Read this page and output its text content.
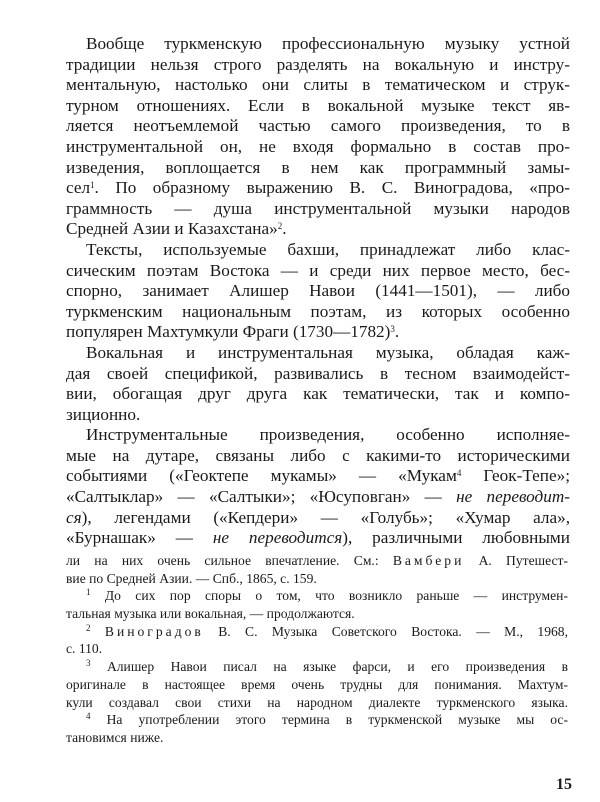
Вообще туркменскую профессиональную музыку устной
традиции нельзя строго разделять на вокальную и инстру-
ментальную, настолько они слиты в тематическом и струк-
турном отношениях. Если в вокальной музыке текст яв-
ляется неотъемлемой частью самого произведения, то в
инструментальной он, не входя формально в состав про-
изведения, воплощается в нем как программный замы-
сел$^1$. По образному выражению В. С. Виноградова, «про-
граммность — душа инструментальной музыки народов
Средней Азии и Казахстана»$^2$.
Тексты, используемые бахши, принадлежат либо клас-
сическим поэтам Востока — и среди них первое место, бес-
спорно, занимает Алишер Навои (1441—1501), — либо
туркменским национальным поэтам, из которых особенно
популярен Махтумкули Фраги (1730—1782)$^3$.
Вокальная и инструментальная музыка, обладая каж-
дая своей спецификой, развивались в тесном взаимодейст-
вии, обогащая друг друга как тематически, так и компо-
зиционно.
Инструментальные произведения, особенно исполняе-
мые на дутаре, связаны либо с какими-то историческими
событиями («Геоктепе мукамы» — «Мукам$^4$ Геок-Тепе»;
«Салтыклар» — «Салтыки»; «Юсуповган» — не переводит-
ся), легендами («Кепдери» — «Голубь»; «Хумар ала»,
«Бурнашак» — не переводится), различными любовными
ли на них очень сильное впечатление. См.: Вамбери А. Путешест-
вие по Средней Азии. — Спб., 1865, с. 159.
$^1$ До сих пор споры о том, что возникло раньше — инструмен-
тальная музыка или вокальная, — продолжаются.
$^2$ Виноградов В. С. Музыка Советского Востока. — М., 1968,
с. 110.
$^3$ Алишер Навои писал на языке фарси, и его произведения в
оригинале в настоящее время очень трудны для понимания. Махтум-
кули создавал свои стихи на народном диалекте туркменского языка.
$^4$ На употреблении этого термина в туркменской музыке мы ос-
тановимся ниже.
15
